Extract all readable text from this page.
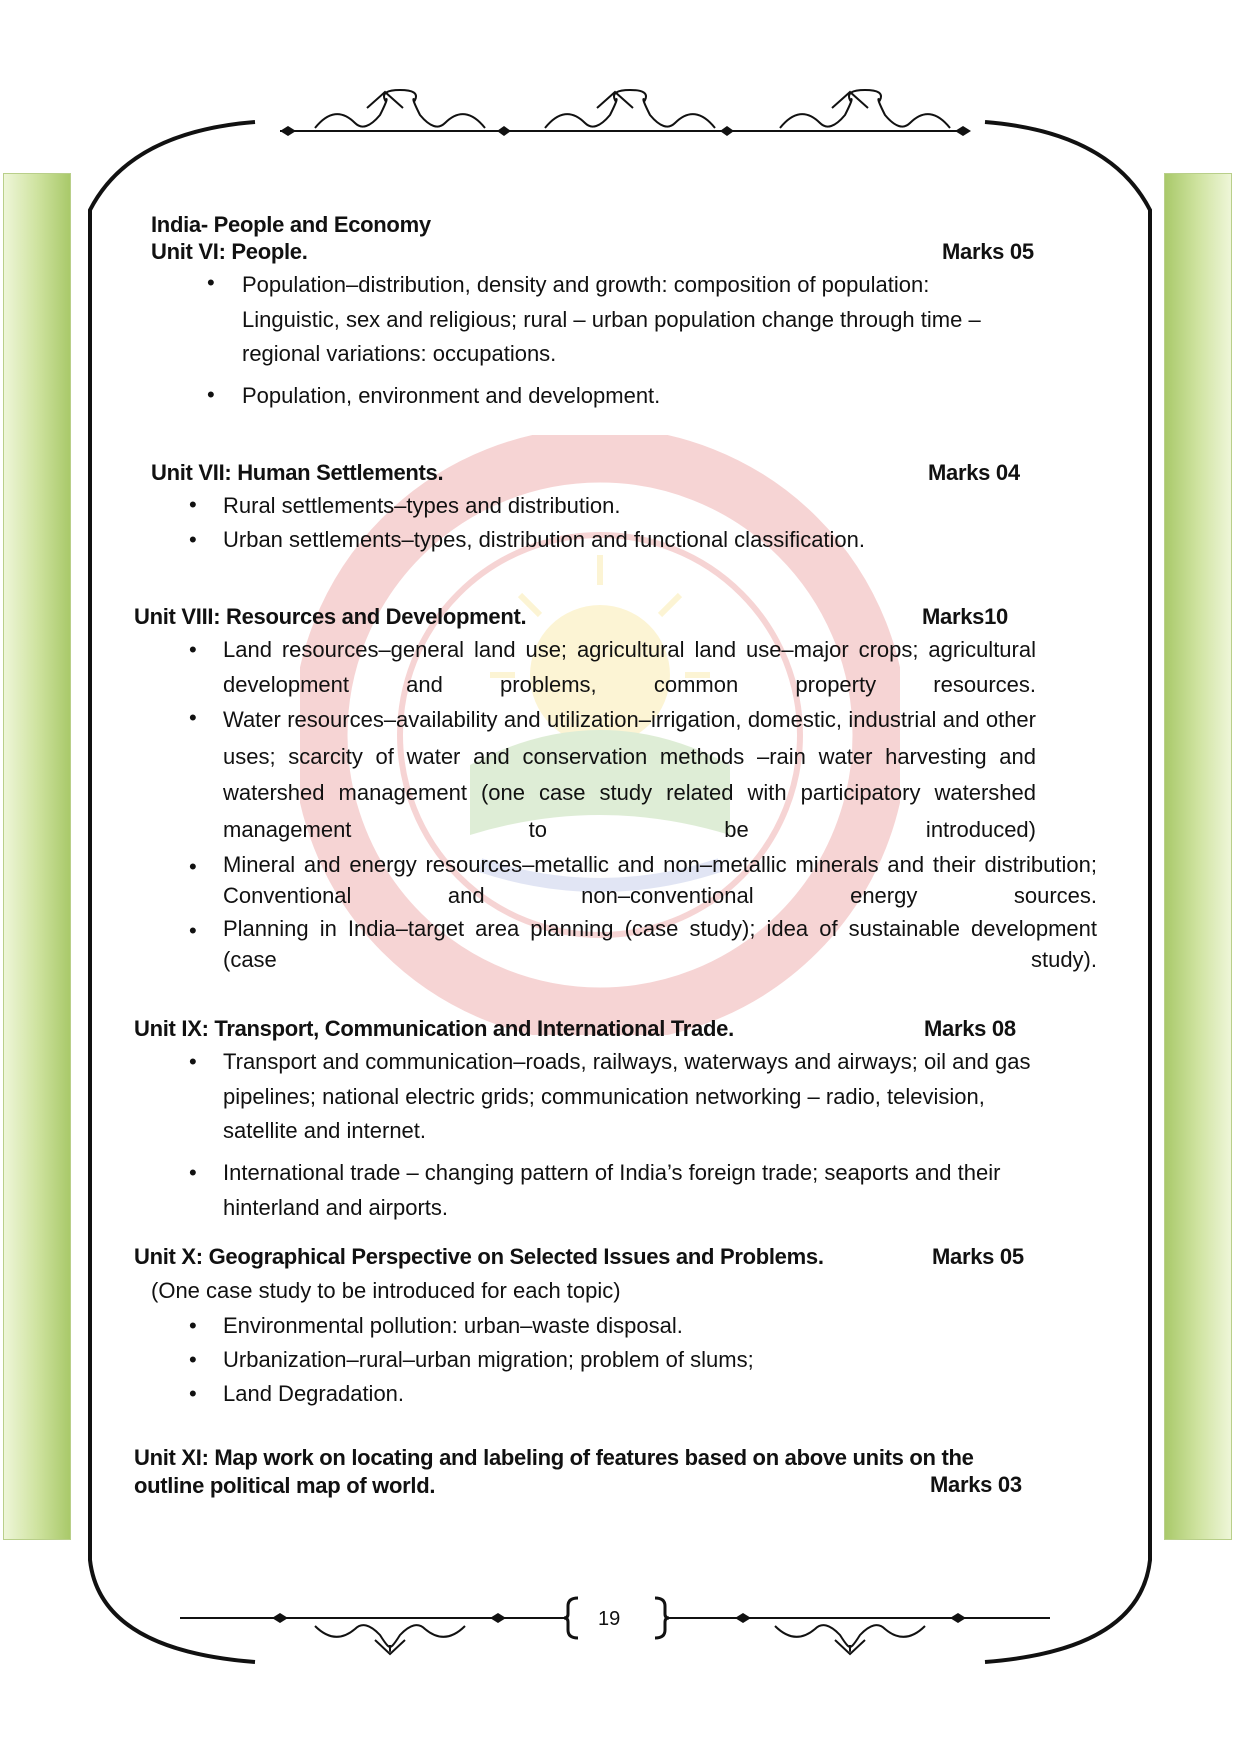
India- People and Economy
Unit VI: People.	Marks 05
• Population–distribution, density and growth: composition of population: Linguistic, sex and religious; rural – urban population change through time – regional variations: occupations.
• Population, environment and development.
Unit VII: Human Settlements.	Marks 04
• Rural settlements–types and distribution.
• Urban settlements–types, distribution and functional classification.
Unit VIII: Resources and Development.	Marks10
• Land resources–general land use; agricultural land use–major crops; agricultural development and problems, common property resources.
• Water resources–availability and utilization–irrigation, domestic, industrial and other uses; scarcity of water and conservation methods –rain water harvesting and watershed management (one case study related with participatory watershed management to be introduced)
• Mineral and energy resources–metallic and non–metallic minerals and their distribution; Conventional and non–conventional energy sources.
• Planning in India–target area planning (case study); idea of sustainable development (case study).
Unit IX: Transport, Communication and International Trade.	Marks 08
• Transport and communication–roads, railways, waterways and airways; oil and gas pipelines; national electric grids; communication networking – radio, television, satellite and internet.
• International trade – changing pattern of India’s foreign trade; seaports and their hinterland and airports.
Unit X: Geographical Perspective on Selected Issues and Problems.	Marks 05
(One case study to be introduced for each topic)
• Environmental pollution: urban–waste disposal.
• Urbanization–rural–urban migration; problem of slums;
• Land Degradation.
Unit XI: Map work on locating and labeling of features based on above units on the outline political map of world.	Marks 03
19
